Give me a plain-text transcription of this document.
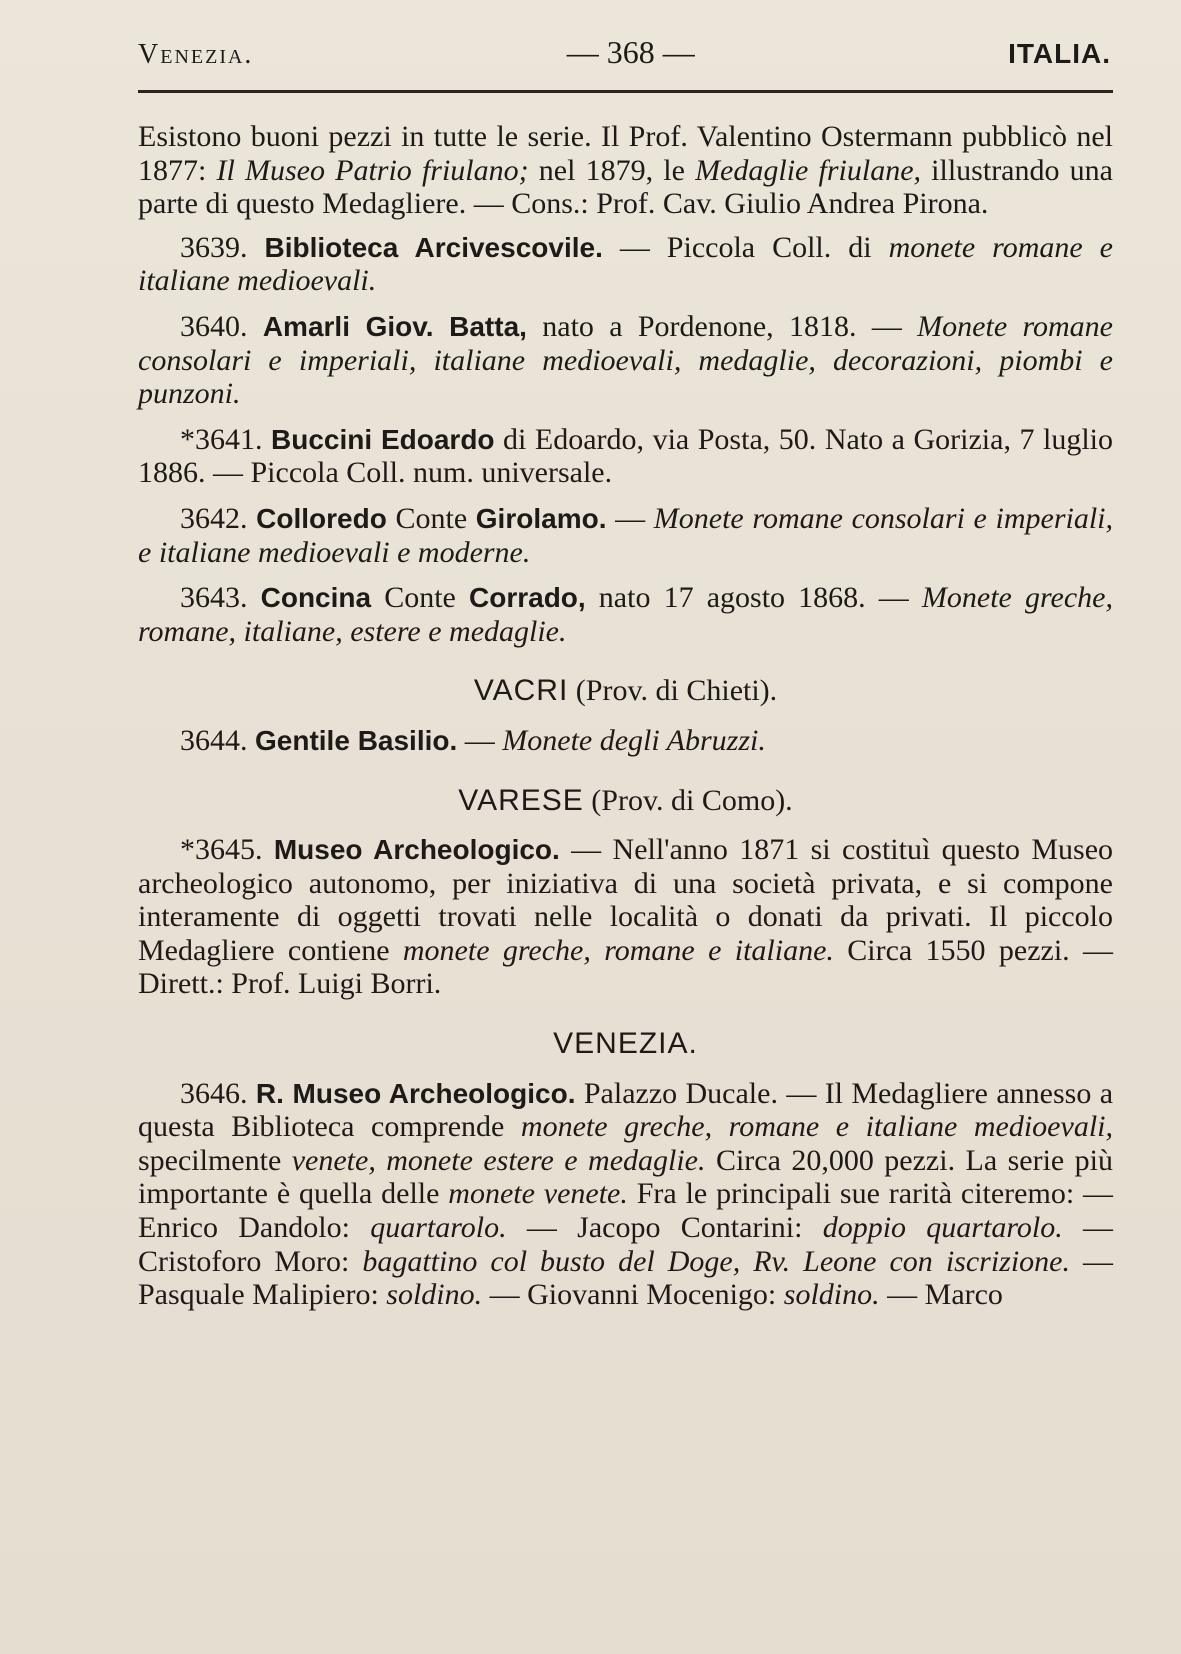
Venezia.	— 368 —	ITALIA.

Esistono buoni pezzi in tutte le serie. Il Prof. Valentino Ostermann pubblicò nel 1877: Il Museo Patrio friulano; nel 1879, le Medaglie friulane, illustrando una parte di questo Medagliere. — Cons.: Prof. Cav. Giulio Andrea Pirona.

3639. Biblioteca Arcivescovile. — Piccola Coll. di monete romane e italiane medioevali.

3640. Amarli Giov. Batta, nato a Pordenone, 1818. — Monete romane consolari e imperiali, italiane medioevali, medaglie, decorazioni, piombi e punzoni.

*3641. Buccini Edoardo di Edoardo, via Posta, 50. Nato a Gorizia, 7 luglio 1886. — Piccola Coll. num. universale.

3642. Colloredo Conte Girolamo. — Monete romane consolari e imperiali, e italiane medioevali e moderne.

3643. Concina Conte Corrado, nato 17 agosto 1868. — Monete greche, romane, italiane, estere e medaglie.

VACRI (Prov. di Chieti).

3644. Gentile Basilio. — Monete degli Abruzzi.

VARESE (Prov. di Como).

*3645. Museo Archeologico. — Nell'anno 1871 si costituì questo Museo archeologico autonomo, per iniziativa di una società privata, e si compone interamente di oggetti trovati nelle località o donati da privati. Il piccolo Medagliere contiene monete greche, romane e italiane. Circa 1550 pezzi. — Dirett.: Prof. Luigi Borri.

VENEZIA.

3646. R. Museo Archeologico. Palazzo Ducale. — Il Medagliere annesso a questa Biblioteca comprende monete greche, romane e italiane medioevali, specilmente venete, monete estere e medaglie. Circa 20,000 pezzi. La serie più importante è quella delle monete venete. Fra le principali sue rarità citeremo: — Enrico Dandolo: quartarolo. — Jacopo Contarini: doppio quartarolo. — Cristoforo Moro: bagattino col busto del Doge, Rv. Leone con iscrizione. — Pasquale Malipiero: soldino. — Giovanni Mocenigo: soldino. — Marco
